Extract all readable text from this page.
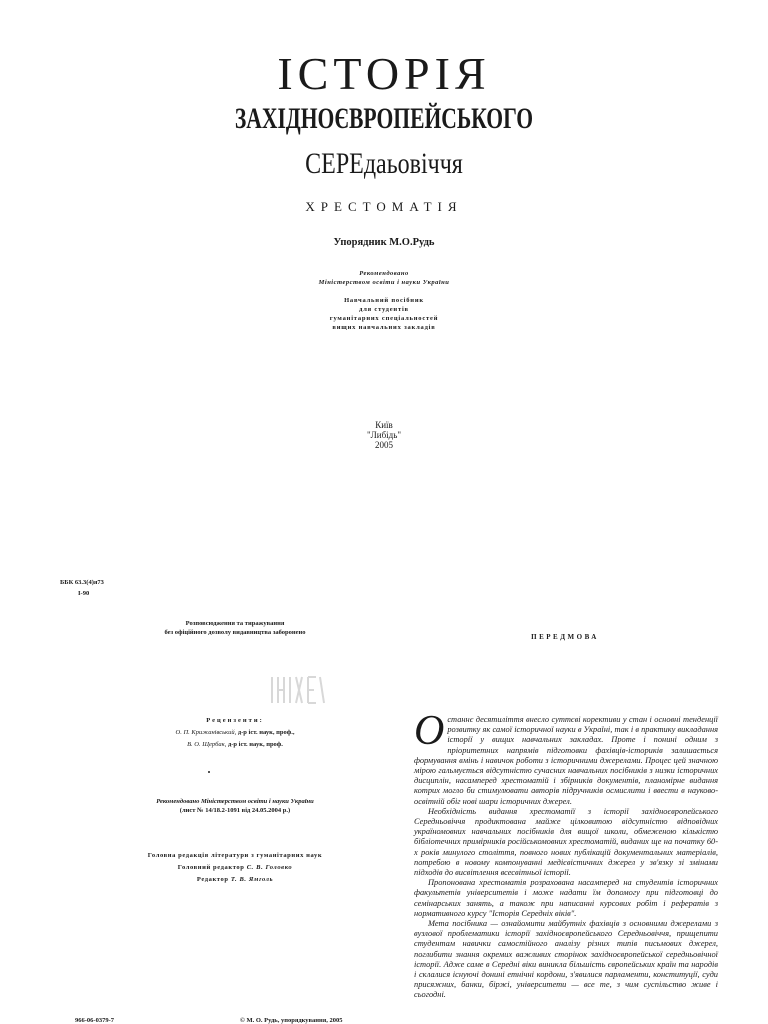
ІСТОРІЯ
ЗАХІДНОЄВРОПЕЙСЬКОГО
СЕРЕдаьовіччя
ХРЕСТОМАТІЯ
Упорядник М.О.Рудь
Рекомендовано
Міністерством освіти і науки України
Навчальний посібник
для студентів
гуманітарних спеціальностей
вищих навчальних закладів
Київ
"Либідь"
2005
ББК 63.3(4)я73
І-90
Розповсюдження та тиражування
без офіційного дозволу видавництва заборонено
ПЕРЕДМОВА
Рецензенти:
О. П. Крижанівський, д-р іст. наук, проф.,
В. О. Щербак, д-р іст. наук, проф.
Рекомендовано Міністерством освіти і науки України
(лист № 14/18.2-1091 від 24.05.2004 р.)
Головна редакція літератури з гуманітарних наук
Головний редактор С. В. Головко
Редактор Т. В. Ямголь

Останнє десятиліття внесло суттєві корективи у стан і основні тенденції розвитку як самої історичної науки в Україні, так і в практику викладання історії у вищих навчальних закладах. Проте і понині одним з пріоритетних напрямів підготовки фахівців-істориків залишається формування вмінь і навичок роботи з історичними джерелами. Процес цей значною мірою гальмується відсутністю сучасних навчальних посібників з низки історичних дисциплін, насамперед хрестоматій і збірників документів, планомірне видання котрих могло би стимулювати авторів підручників осмислити і ввести в науково-освітній обіг нові шари історичних джерел.

Необхідність видання хрестоматії з історії західноєвропейського Середньовіччя продиктована майже цілковитою відсутністю відповідних україномовних навчальних посібників для вищої школи, обмеженою кількістю бібліотечних примірників російськомовних хрестоматій, виданих ще на початку 60-х років минулого століття, повного нових публікацій документальних матеріалів, потребою в новому компонуванні медієвістичних джерел у зв'язку зі змінами підходів до висвітлення всесвітньої історії.

Пропонована хрестоматія розрахована насамперед на студентів історичних факультетів університетів і може надати їм допомогу при підготовці до семінарських занять, а також при написанні курсових робіт і рефератів з нормативного курсу "Історія Середніх віків".

Мета посібника — ознайомити майбутніх фахівців з основними джерелами з вузлової проблематики історії західноєвропейського Середньовіччя, прищепити студентам навички самостійного аналізу різних типів письмових джерел, поглибити знання окремих важливих сторінок західноєвропейської середньовічної історії. Адже саме в Середні віки виникла більшість європейських країн та народів і склалися існуючі донині етнічні кордони, з'явилися парламенти, конституції, суди присяжних, банки, біржі, університети — все те, з чим суспільство живе і сьогодні.

966-06-0379-7	© М. О. Рудь, упорядкування, 2005
